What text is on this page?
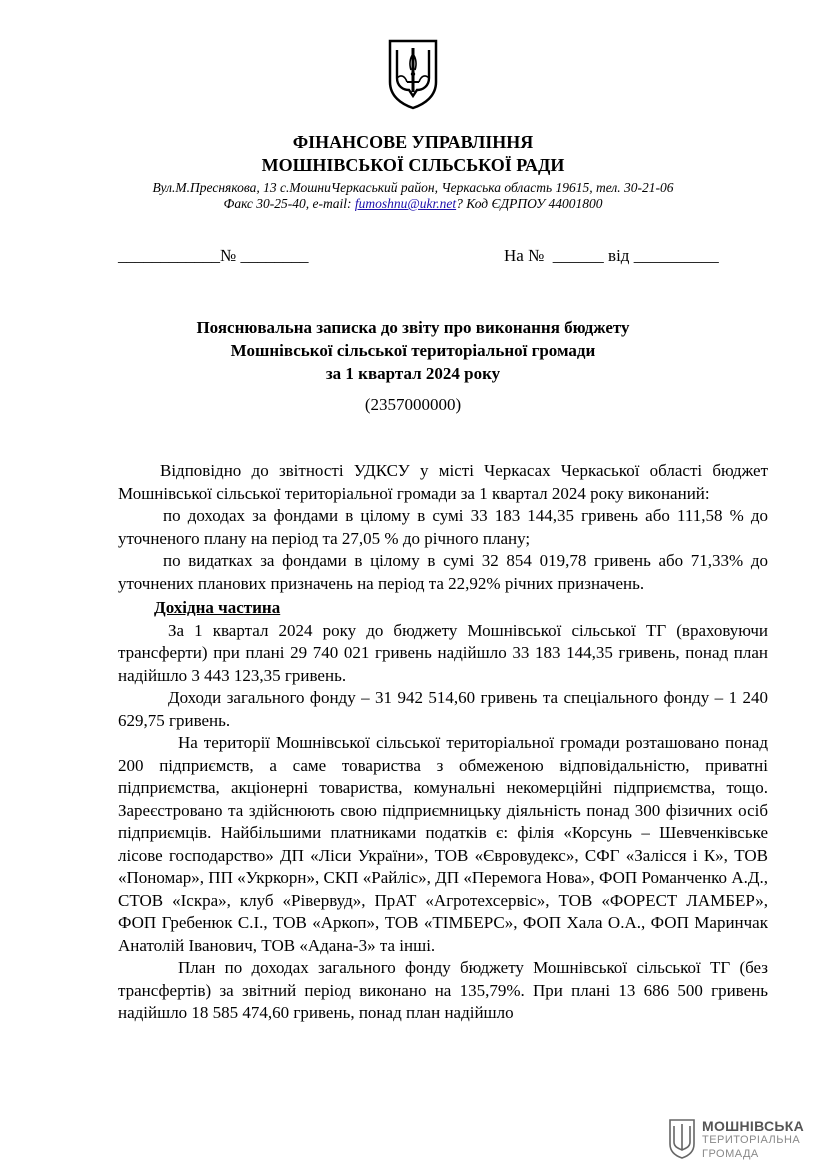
ФІНАНСОВЕ УПРАВЛІННЯ
МОШНІВСЬКОЇ СІЛЬСЬКОЇ РАДИ
Вул.М.Преснякова, 13 с.МошниЧеркаський район, Черкаська область 19615, тел. 30-21-06
Факс 30-25-40, e-mail: fumoshnu@ukr.net? Код ЄДРПОУ 44001800
____________№ ________	На №  ______ від __________
Пояснювальна записка до звіту про виконання бюджету
Мошнівської сільської територіальної громади
за 1 квартал 2024 року
(2357000000)

Відповідно до звітності УДКСУ у місті Черкасах Черкаської області бюджет Мошнівської сільської територіальної громади за 1 квартал 2024 року виконаний:

по доходах за фондами в цілому в сумі 33 183 144,35 гривень або 111,58 % до уточненого плану на період та 27,05 % до річного плану;

по видатках за фондами в цілому в сумі 32 854 019,78 гривень або 71,33% до уточнених планових призначень на період та 22,92% річних призначень.

Дохідна частина

За 1 квартал 2024 року до бюджету Мошнівської сільської ТГ (враховуючи трансферти) при плані 29 740 021 гривень надійшло 33 183 144,35 гривень, понад план надійшло 3 443 123,35 гривень.

Доходи загального фонду – 31 942 514,60 гривень та спеціального фонду – 1 240 629,75 гривень.

На території Мошнівської сільської територіальної громади розташовано понад 200 підприємств, а саме товариства з обмеженою відповідальністю, приватні підприємства, акціонерні товариства, комунальні некомерційні підприємства, тощо. Зареєстровано та здійснюють свою підприємницьку діяльність понад 300 фізичних осіб підприємців. Найбільшими платниками податків є: філія «Корсунь – Шевченківське лісове господарство» ДП «Ліси України», ТОВ «Євровудекс», СФГ «Залісся і К», ТОВ «Пономар», ПП «Укркорн», СКП «Райліс», ДП «Перемога Нова», ФОП Романченко А.Д., СТОВ «Іскра», клуб «Рівервуд», ПрАТ «Агротехсервіс», ТОВ «ФОРЕСТ ЛАМБЕР», ФОП Гребенюк С.І., ТОВ «Аркоп», ТОВ «ТІМБЕРС», ФОП Хала О.А., ФОП Маринчак Анатолій Іванович, ТОВ «Адана-3» та інші.

План по доходах загального фонду бюджету Мошнівської сільської ТГ (без трансфертів) за звітний період виконано на 135,79%. При плані 13 686 500 гривень надійшло 18 585 474,60 гривень, понад план надійшло

МОШНІВСЬКА
ТЕРИТОРІАЛЬНА
ГРОМАДА
